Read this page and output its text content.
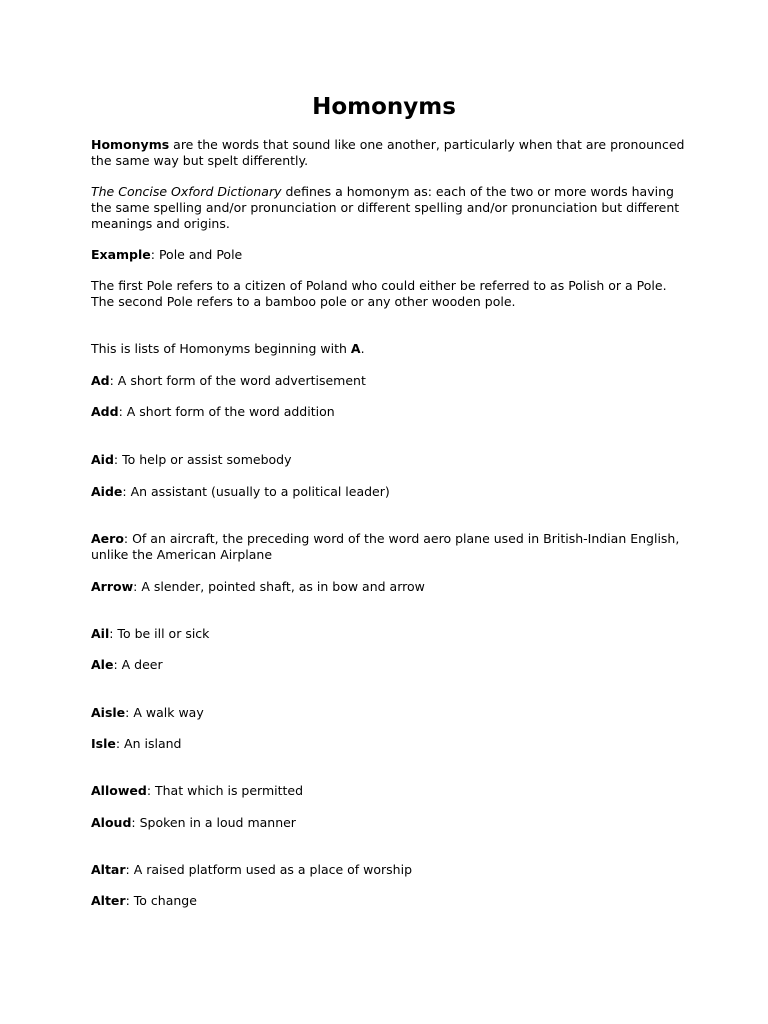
Homonyms

Homonyms are the words that sound like one another, particularly when that are pronounced the same way but spelt differently.

The Concise Oxford Dictionary defines a homonym as: each of the two or more words having the same spelling and/or pronunciation or different spelling and/or pronunciation but different meanings and origins.

Example: Pole and Pole

The first Pole refers to a citizen of Poland who could either be referred to as Polish or a Pole. The second Pole refers to a bamboo pole or any other wooden pole.

This is lists of Homonyms beginning with A.

Ad: A short form of the word advertisement

Add: A short form of the word addition

Aid: To help or assist somebody

Aide: An assistant (usually to a political leader)

Aero: Of an aircraft, the preceding word of the word aero plane used in British-Indian English, unlike the American Airplane

Arrow: A slender, pointed shaft, as in bow and arrow

Ail: To be ill or sick

Ale: A deer

Aisle: A walk way

Isle: An island

Allowed: That which is permitted

Aloud: Spoken in a loud manner

Altar: A raised platform used as a place of worship

Alter: To change
